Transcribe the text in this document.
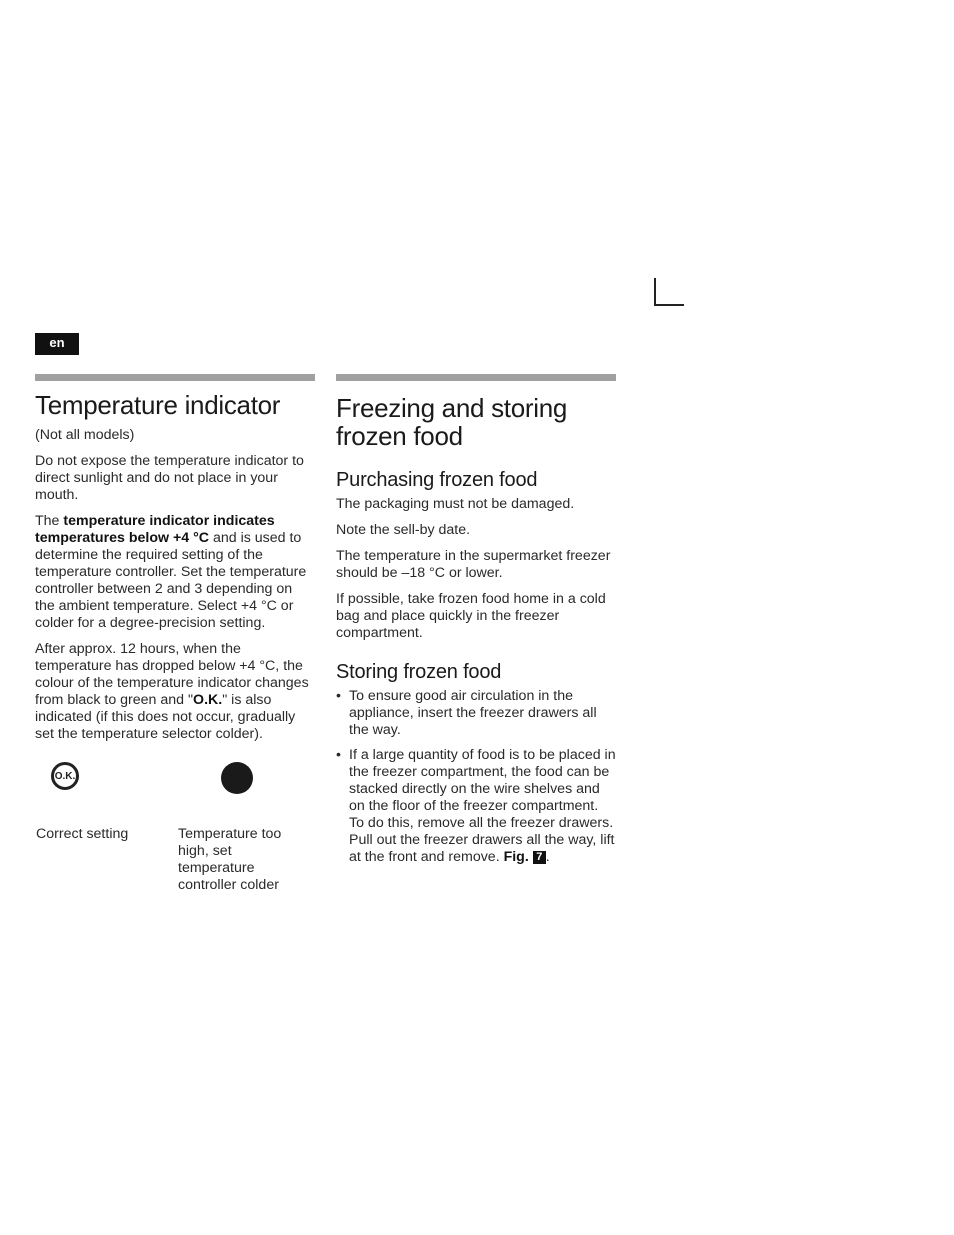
en
Temperature indicator

(Not all models)

Do not expose the temperature indicator to direct sunlight and do not place in your mouth.

The temperature indicator indicates temperatures below +4 °C and is used to determine the required setting of the temperature controller. Set the temperature controller between 2 and 3 depending on the ambient temperature. Select +4 °C or colder for a degree-precision setting.

After approx. 12 hours, when the temperature has dropped below +4 °C, the colour of the temperature indicator changes from black to green and "O.K." is also indicated (if this does not occur, gradually set the temperature selector colder).

O.K.
Correct setting	Temperature too high, set temperature controller colder
Freezing and storing frozen food
Purchasing frozen food

The packaging must not be damaged.

Note the sell-by date.

The temperature in the supermarket freezer should be –18 °C or lower.

If possible, take frozen food home in a cold bag and place quickly in the freezer compartment.

Storing frozen food
• To ensure good air circulation in the appliance, insert the freezer drawers all the way.
• If a large quantity of food is to be placed in the freezer compartment, the food can be stacked directly on the wire shelves and on the floor of the freezer compartment. To do this, remove all the freezer drawers. Pull out the freezer drawers all the way, lift at the front and remove. Fig. 7 .
